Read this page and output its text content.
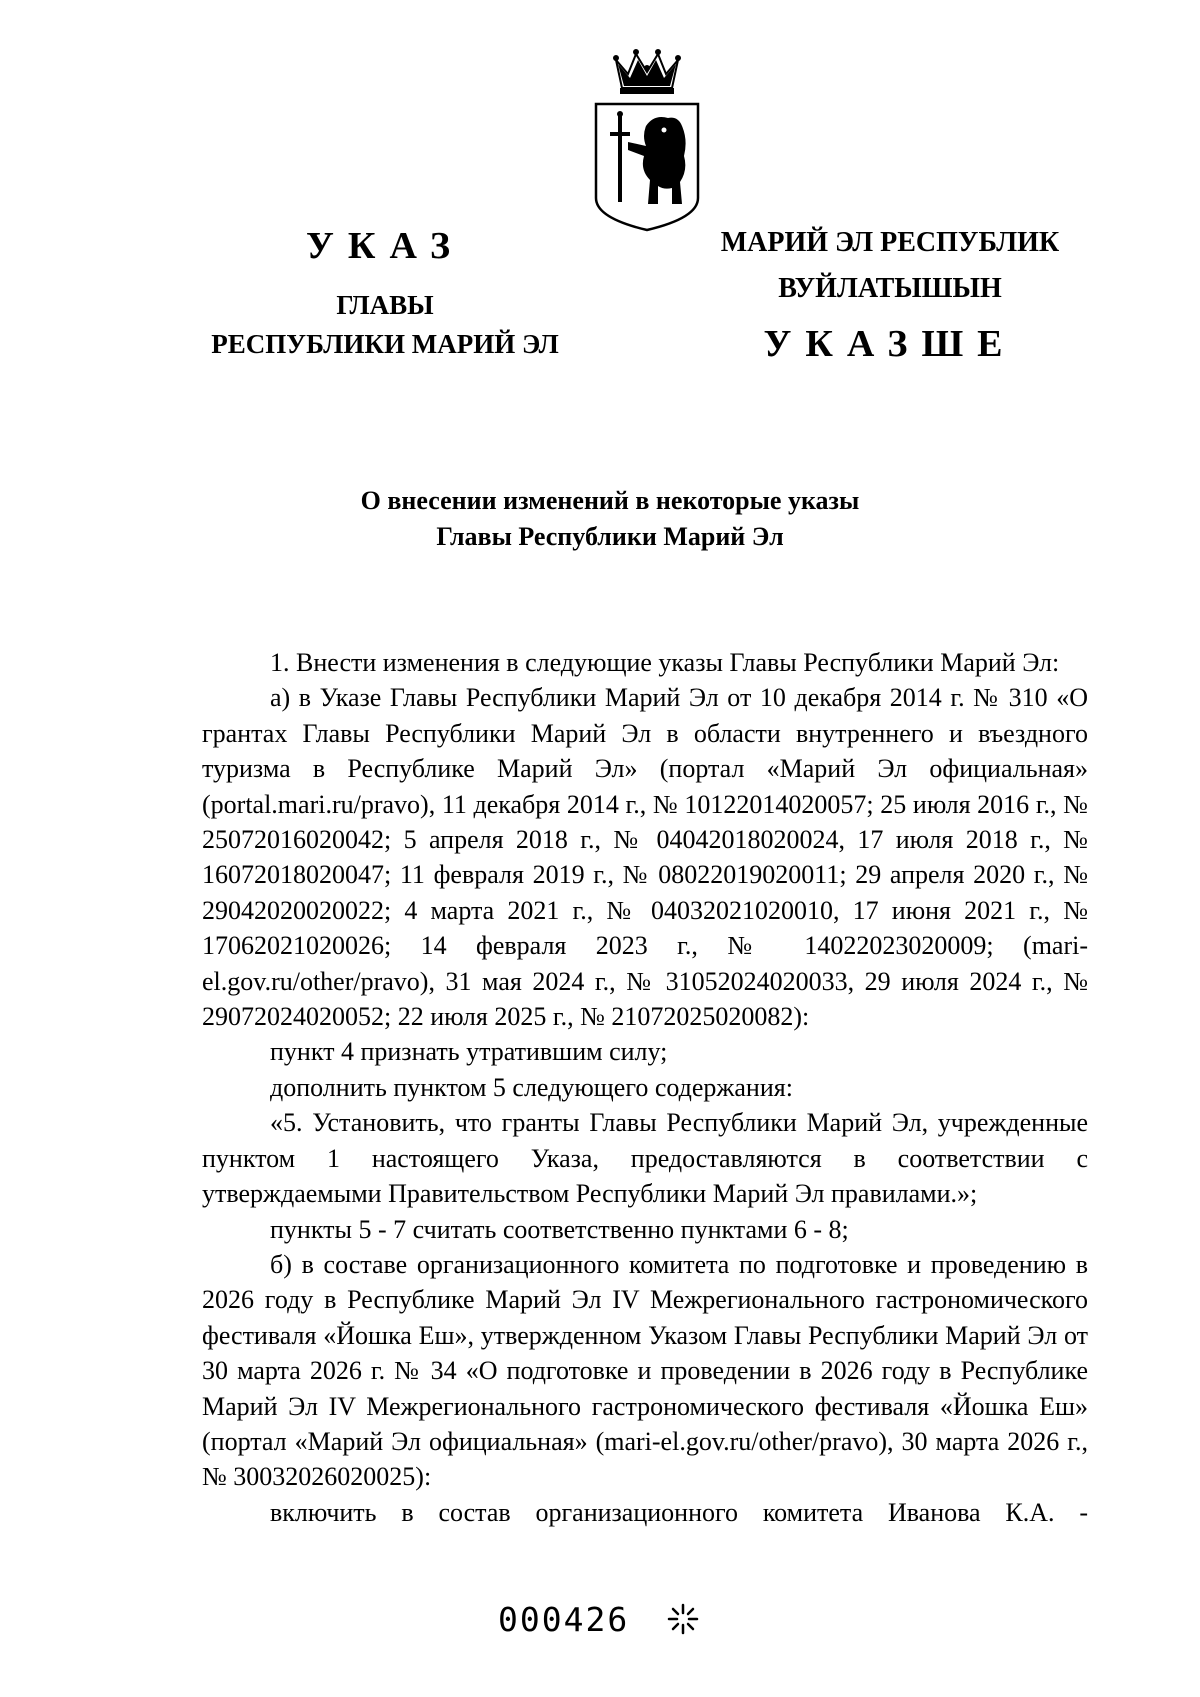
УКАЗ
ГЛАВЫ
РЕСПУБЛИКИ МАРИЙ ЭЛ
МАРИЙ ЭЛ РЕСПУБЛИК
ВУЙЛАТЫШЫН
УКАЗШЕ
О внесении изменений в некоторые указы
Главы Республики Марий Эл

1. Внести изменения в следующие указы Главы Республики Марий Эл:

а) в Указе Главы Республики Марий Эл от 10 декабря 2014 г. № 310 «О грантах Главы Республики Марий Эл в области внутреннего и въездного туризма в Республике Марий Эл» (портал «Марий Эл официальная» (portal.mari.ru/pravo), 11 декабря 2014 г., № 10122014020057; 25 июля 2016 г., № 25072016020042; 5 апреля 2018 г., № 04042018020024, 17 июля 2018 г., № 16072018020047; 11 февраля 2019 г., № 08022019020011; 29 апреля 2020 г., № 29042020020022; 4 марта 2021 г., № 04032021020010, 17 июня 2021 г., № 17062021020026; 14 февраля 2023 г., № 14022023020009; (mari-el.gov.ru/other/pravo), 31 мая 2024 г., № 31052024020033, 29 июля 2024 г., № 29072024020052; 22 июля 2025 г., № 21072025020082):

пункт 4 признать утратившим силу;

дополнить пунктом 5 следующего содержания:

«5. Установить, что гранты Главы Республики Марий Эл, учрежденные пунктом 1 настоящего Указа, предоставляются в соответствии с утверждаемыми Правительством Республики Марий Эл правилами.»;

пункты 5 - 7 считать соответственно пунктами 6 - 8;

б) в составе организационного комитета по подготовке и проведению в 2026 году в Республике Марий Эл IV Межрегионального гастрономического фестиваля «Йошка Еш», утвержденном Указом Главы Республики Марий Эл от 30 марта 2026 г. № 34 «О подготовке и проведении в 2026 году в Республике Марий Эл IV Межрегионального гастрономического фестиваля «Йошка Еш» (портал «Марий Эл официальная» (mari-el.gov.ru/other/pravo), 30 марта 2026 г., № 30032026020025):

включить в состав организационного комитета Иванова К.А. -

000426
